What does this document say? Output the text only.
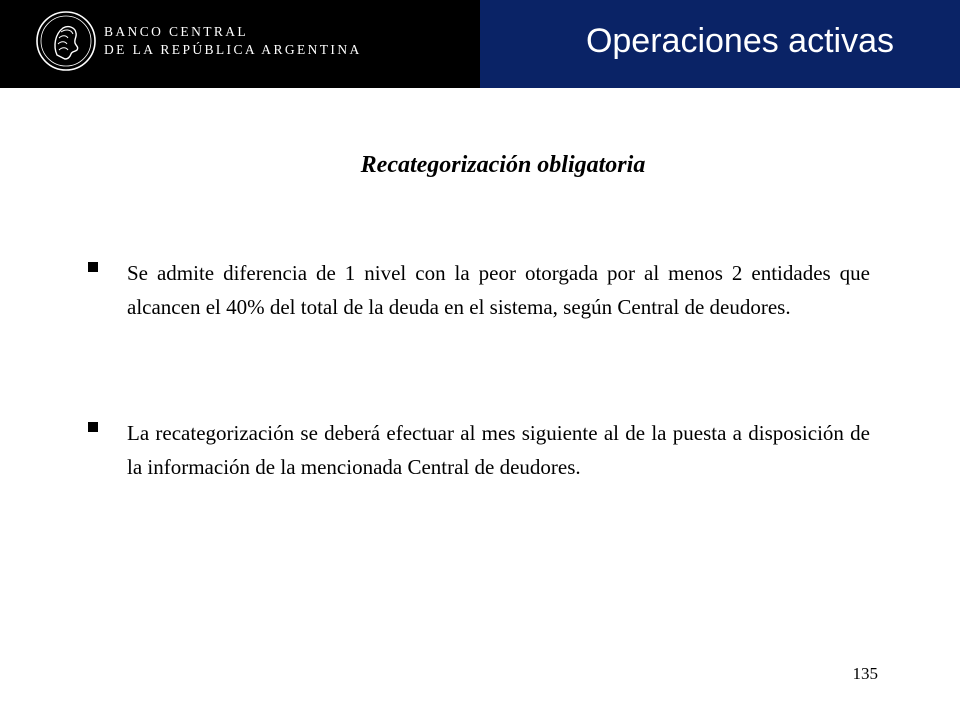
BANCO CENTRAL
DE LA REPÚBLICA ARGENTINA	Operaciones activas
Recategorización obligatoria
Se admite diferencia de 1 nivel con la peor otorgada por al menos 2 entidades que alcancen el 40% del total de la deuda en el sistema, según Central de deudores.
La recategorización se deberá efectuar al mes siguiente al de la puesta a disposición de la información de la mencionada Central de deudores.
135
